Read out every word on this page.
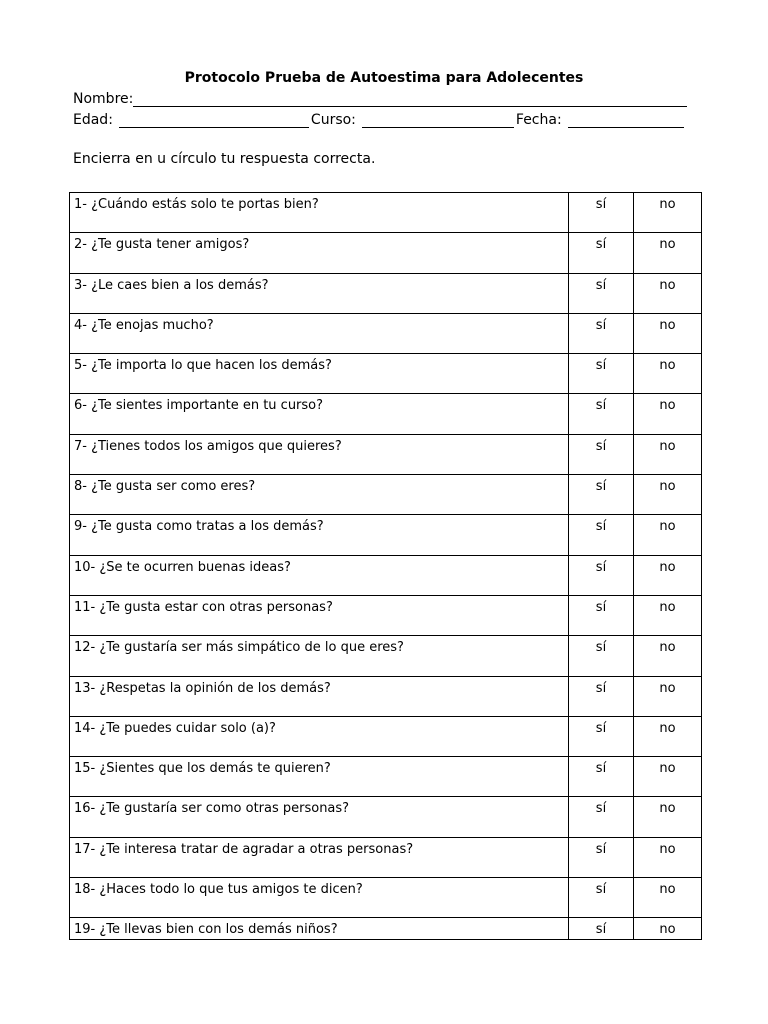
Protocolo Prueba de Autoestima para Adolecentes
Nombre:
Edad:	Curso:	Fecha:
Encierra en u círculo tu respuesta correcta.
1- ¿Cuándo estás solo te portas bien?	sí	no
2- ¿Te gusta tener amigos?	sí	no
3- ¿Le caes bien a los demás?	sí	no
4- ¿Te enojas mucho?	sí	no
5- ¿Te importa lo que hacen los demás?	sí	no
6- ¿Te sientes importante en tu curso?	sí	no
7- ¿Tienes todos los amigos que quieres?	sí	no
8- ¿Te gusta ser como eres?	sí	no
9- ¿Te gusta como tratas a los demás?	sí	no
10- ¿Se te ocurren buenas ideas?	sí	no
11- ¿Te gusta estar con otras personas?	sí	no
12- ¿Te gustaría ser más simpático de lo que eres?	sí	no
13- ¿Respetas la opinión de los demás?	sí	no
14- ¿Te puedes cuidar solo (a)?	sí	no
15- ¿Sientes que los demás te quieren?	sí	no
16- ¿Te gustaría ser como otras personas?	sí	no
17- ¿Te interesa tratar de agradar a otras personas?	sí	no
18- ¿Haces todo lo que tus amigos te dicen?	sí	no
19- ¿Te llevas bien con los demás niños?	sí	no
